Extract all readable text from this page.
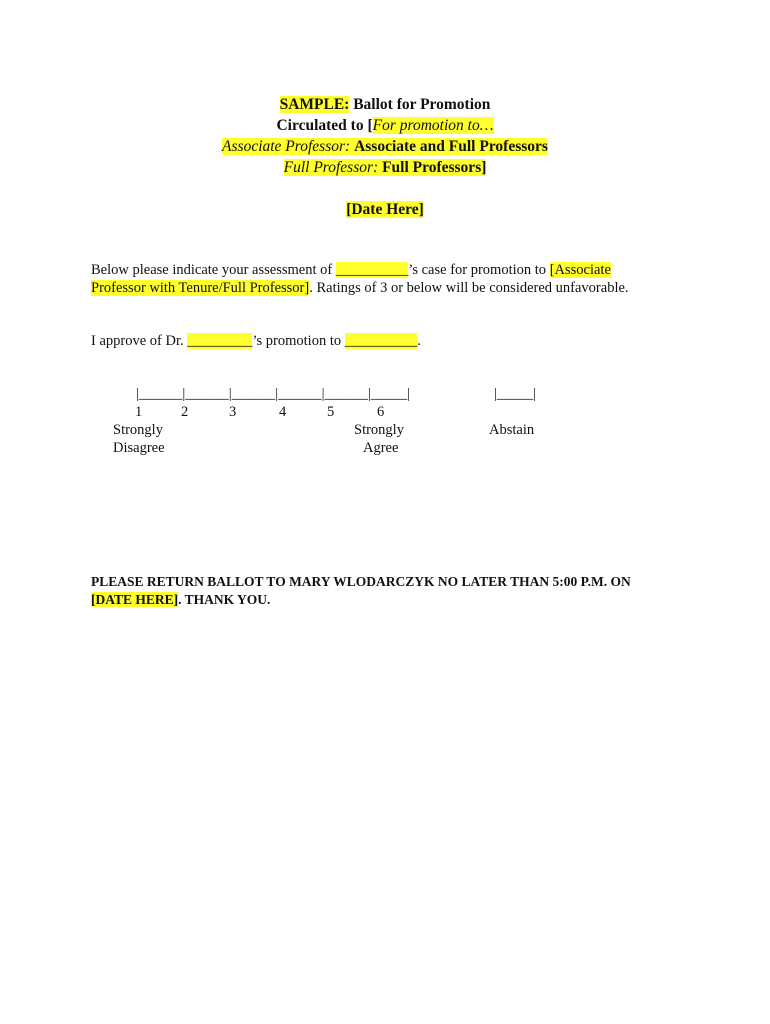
SAMPLE: Ballot for Promotion
Circulated to [For promotion to…
Associate Professor: Associate and Full Professors
Full Professor: Full Professors]
[Date Here]
Below please indicate your assessment of __________’s case for promotion to [Associate
Professor with Tenure/Full Professor]. Ratings of 3 or below will be considered unfavorable.
I approve of Dr. _________’s promotion to __________.
|______|______|______|______|______|_____|	|_____|
1	2	3	4	5	6
Strongly
Disagree
Strongly
Agree
Abstain
PLEASE RETURN BALLOT TO MARY WLODARCZYK NO LATER THAN 5:00 P.M. ON
[DATE HERE]. THANK YOU.
